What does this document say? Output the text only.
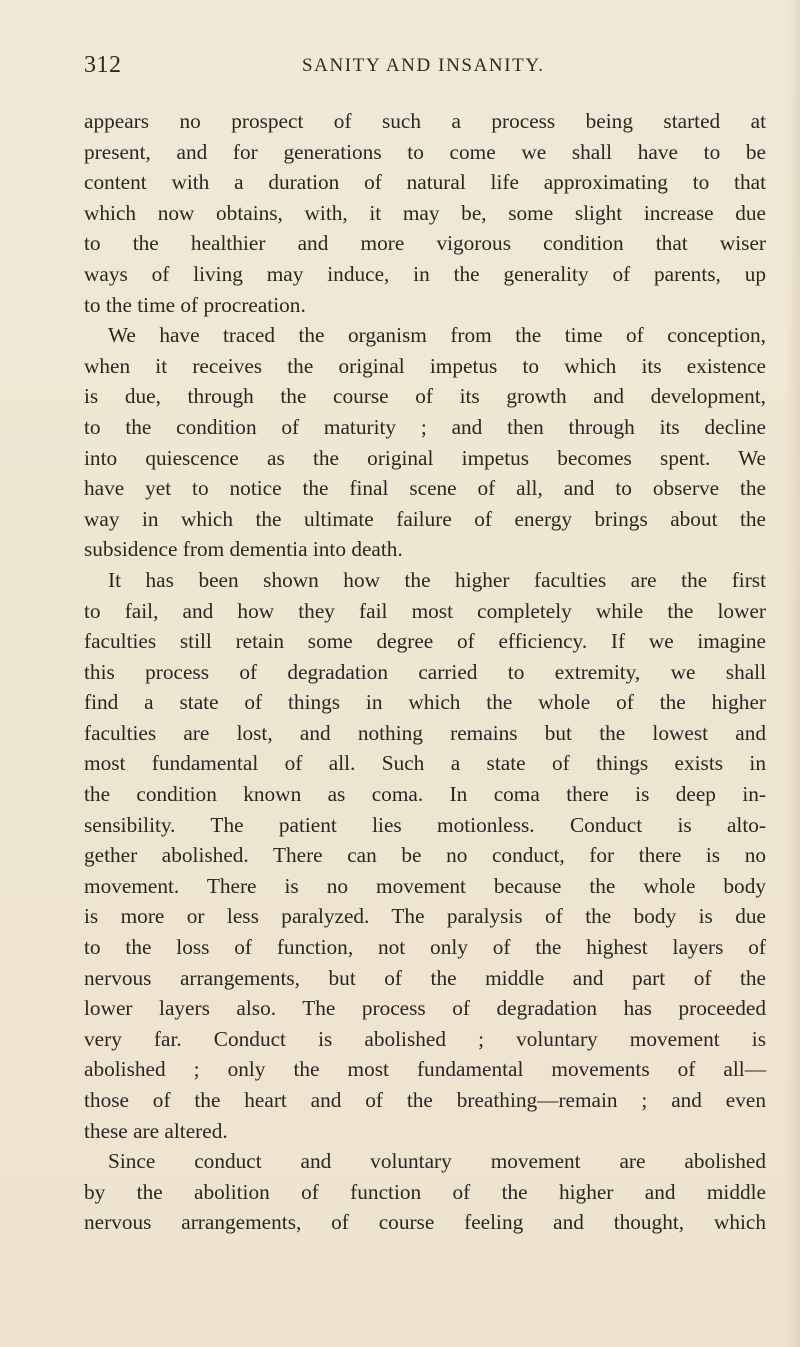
312	SANITY AND INSANITY.
appears no prospect of such a process being started at
present, and for generations to come we shall have to be
content with a duration of natural life approximating to that
which now obtains, with, it may be, some slight increase due
to the healthier and more vigorous condition that wiser
ways of living may induce, in the generality of parents, up
to the time of procreation.
We have traced the organism from the time of conception,
when it receives the original impetus to which its existence
is due, through the course of its growth and development,
to the condition of maturity ; and then through its decline
into quiescence as the original impetus becomes spent. We
have yet to notice the final scene of all, and to observe the
way in which the ultimate failure of energy brings about the
subsidence from dementia into death.
It has been shown how the higher faculties are the first
to fail, and how they fail most completely while the lower
faculties still retain some degree of efficiency. If we imagine
this process of degradation carried to extremity, we shall
find a state of things in which the whole of the higher
faculties are lost, and nothing remains but the lowest and
most fundamental of all. Such a state of things exists in
the condition known as coma. In coma there is deep in-
sensibility. The patient lies motionless. Conduct is alto-
gether abolished. There can be no conduct, for there is no
movement. There is no movement because the whole body
is more or less paralyzed. The paralysis of the body is due
to the loss of function, not only of the highest layers of
nervous arrangements, but of the middle and part of the
lower layers also. The process of degradation has proceeded
very far. Conduct is abolished ; voluntary movement is
abolished ; only the most fundamental movements of all—
those of the heart and of the breathing—remain ; and even
these are altered.
Since conduct and voluntary movement are abolished
by the abolition of function of the higher and middle
nervous arrangements, of course feeling and thought, which
